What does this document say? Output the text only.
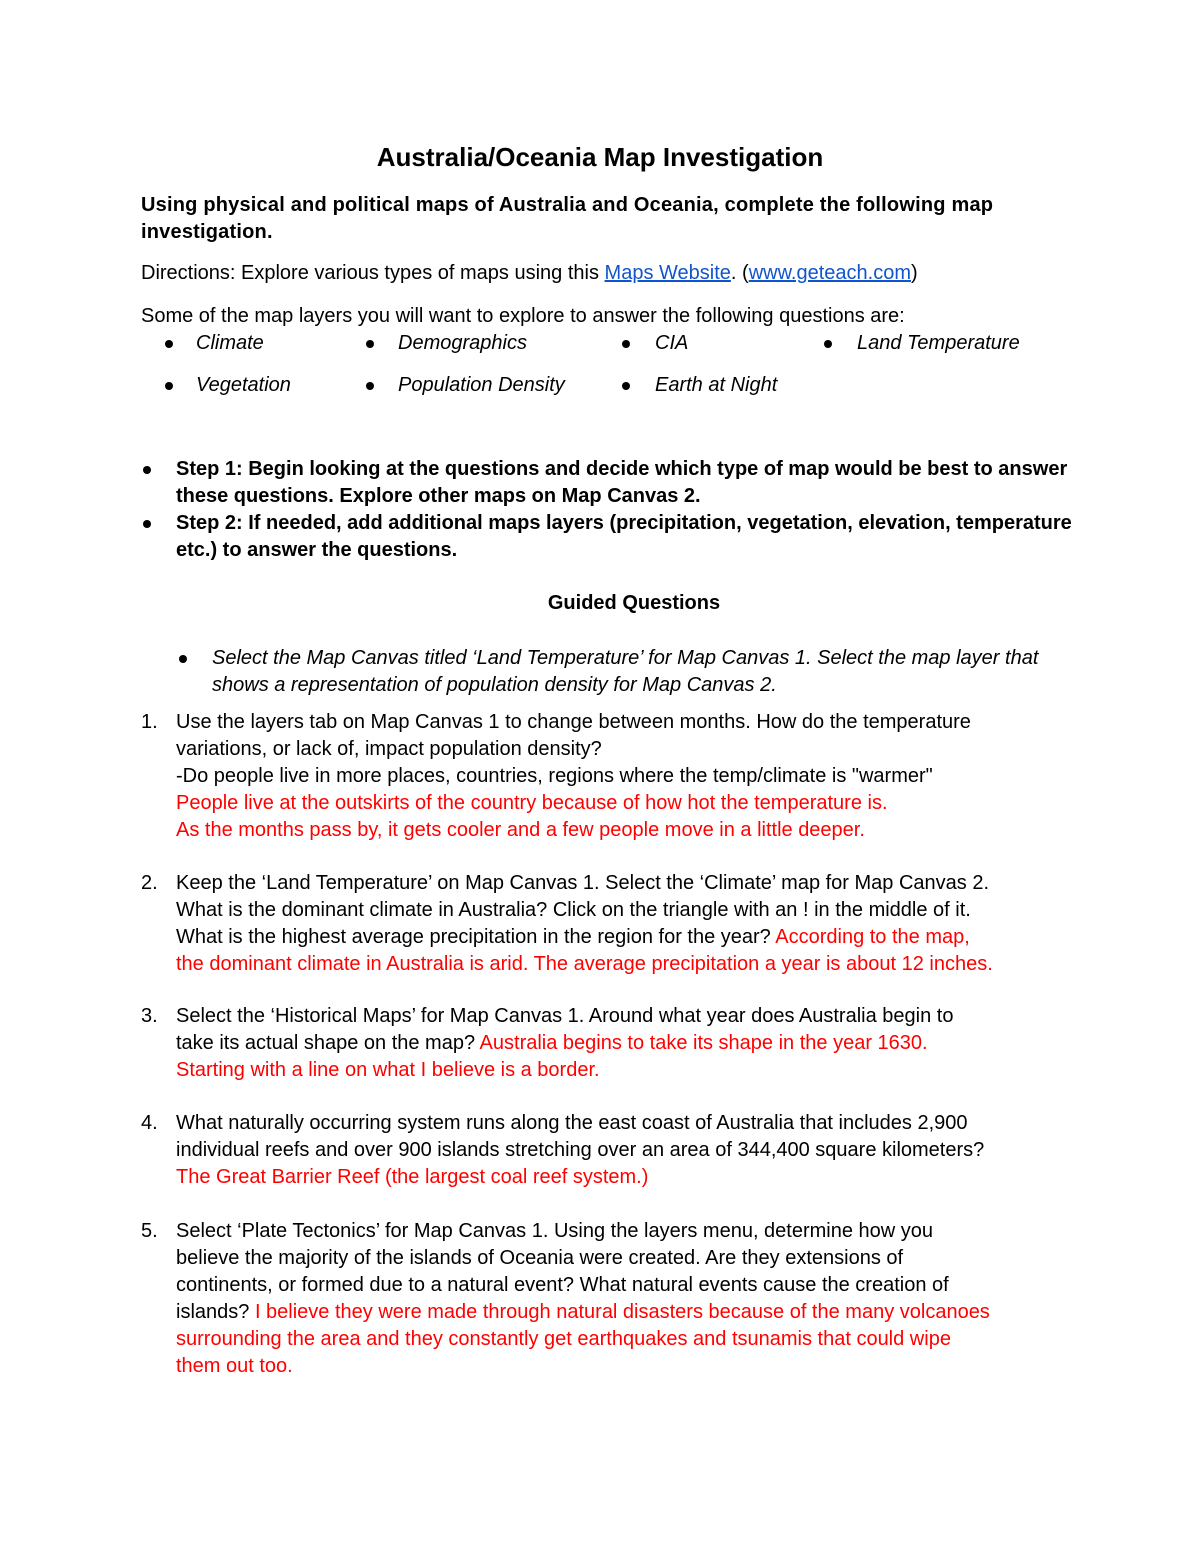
Australia/Oceania Map Investigation
Using physical and political maps of Australia and Oceania, complete the following map investigation.
Directions: Explore various types of maps using this Maps Website. (www.geteach.com)
Some of the map layers you will want to explore to answer the following questions are:
Climate	Demographics	CIA	Land Temperature
Vegetation	Population Density	Earth at Night
Step 1: Begin looking at the questions and decide which type of map would be best to answer these questions. Explore other maps on Map Canvas 2.
Step 2: If needed, add additional maps layers (precipitation, vegetation, elevation, temperature etc.) to answer the questions.
Guided Questions
Select the Map Canvas titled ‘Land Temperature’ for Map Canvas 1. Select the map layer that shows a representation of population density for Map Canvas 2.
1. Use the layers tab on Map Canvas 1 to change between months. How do the temperature
variations, or lack of, impact population density?
-Do people live in more places, countries, regions where the temp/climate is "warmer"
People live at the outskirts of the country because of how hot the temperature is.
As the months pass by, it gets cooler and a few people move in a little deeper.
2. Keep the ‘Land Temperature’ on Map Canvas 1. Select the ‘Climate’ map for Map Canvas 2.
What is the dominant climate in Australia? Click on the triangle with an ! in the middle of it.
What is the highest average precipitation in the region for the year? According to the map,
the dominant climate in Australia is arid. The average precipitation a year is about 12 inches.
3. Select the ‘Historical Maps’ for Map Canvas 1. Around what year does Australia begin to
take its actual shape on the map? Australia begins to take its shape in the year 1630.
Starting with a line on what I believe is a border.
4. What naturally occurring system runs along the east coast of Australia that includes 2,900
individual reefs and over 900 islands stretching over an area of 344,400 square kilometers?
The Great Barrier Reef (the largest coal reef system.)
5. Select ‘Plate Tectonics’ for Map Canvas 1. Using the layers menu, determine how you
believe the majority of the islands of Oceania were created. Are they extensions of
continents, or formed due to a natural event? What natural events cause the creation of
islands? I believe they were made through natural disasters because of the many volcanoes
surrounding the area and they constantly get earthquakes and tsunamis that could wipe
them out too.
